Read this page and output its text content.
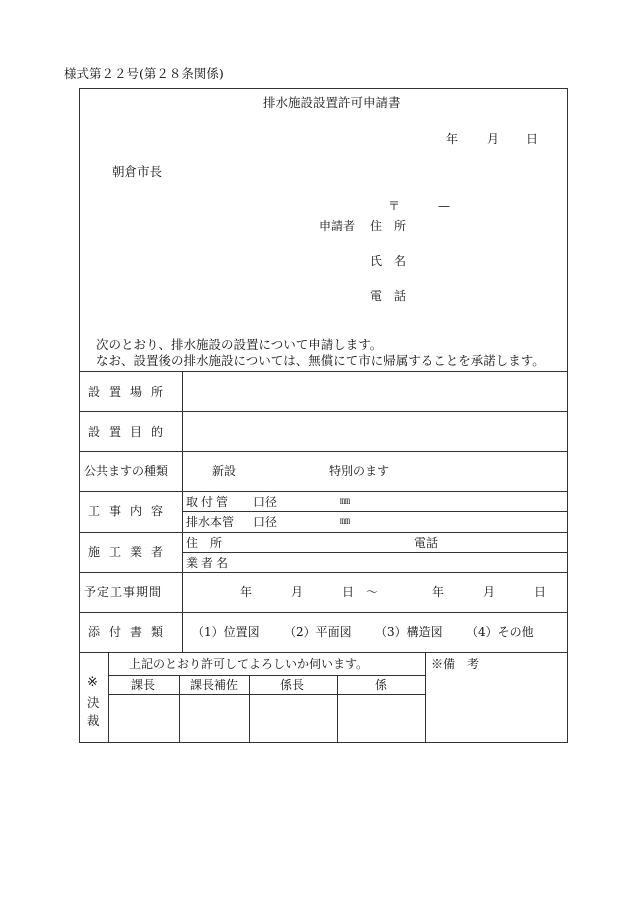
様式第２２号(第２８条関係)
排水施設設置許可申請書
年 月 日
朝倉市長
〒	—
申請者 住　所
氏　名
電　話
次のとおり、排水施設の設置について申請します。
なお、設置後の排水施設については、無償にて市に帰属することを承諾します。
設置場所
設置目的
公共ますの種類	新設	特別のます
工事内容
取付管 口径	㎜
排水本管 口径	㎜
施工業者
住　所	電話
業者名
予定工事期間	年	月	日 ～	年	月	日
添付書類 （1）位置図 （2）平面図 （3）構造図 （4）その他
※
決裁
上記のとおり許可してよろしいか伺います。	※備　考
課長	課長補佐	係長	係
